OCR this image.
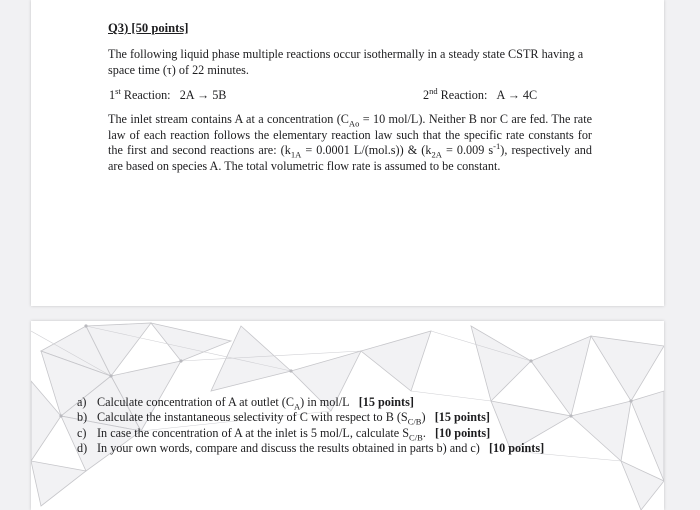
Q3) [50 points]
The following liquid phase multiple reactions occur isothermally in a steady state CSTR having a space time (τ) of 22 minutes.
1st Reaction: 2A → 5B	2nd Reaction: A → 4C
The inlet stream contains A at a concentration ($C_{Ao} = 10$ mol/L). Neither B nor C are fed. The rate law of each reaction follows the elementary reaction law such that the specific rate constants for the first and second reactions are: ($k_{1A} = 0.0001$ L/(mol.s)) & ($k_{2A} = 0.009$ $s^{-1}$), respectively and are based on species A. The total volumetric flow rate is assumed to be constant.
a) Calculate concentration of A at outlet $(C_A)$ in mol/L [15 points]
b) Calculate the instantaneous selectivity of C with respect to B $(S_{C/B})$ [15 points]
c) In case the concentration of A at the inlet is 5 mol/L, calculate $S_{C/B}$. [10 points]
d) In your own words, compare and discuss the results obtained in parts b) and c) [10 points]
